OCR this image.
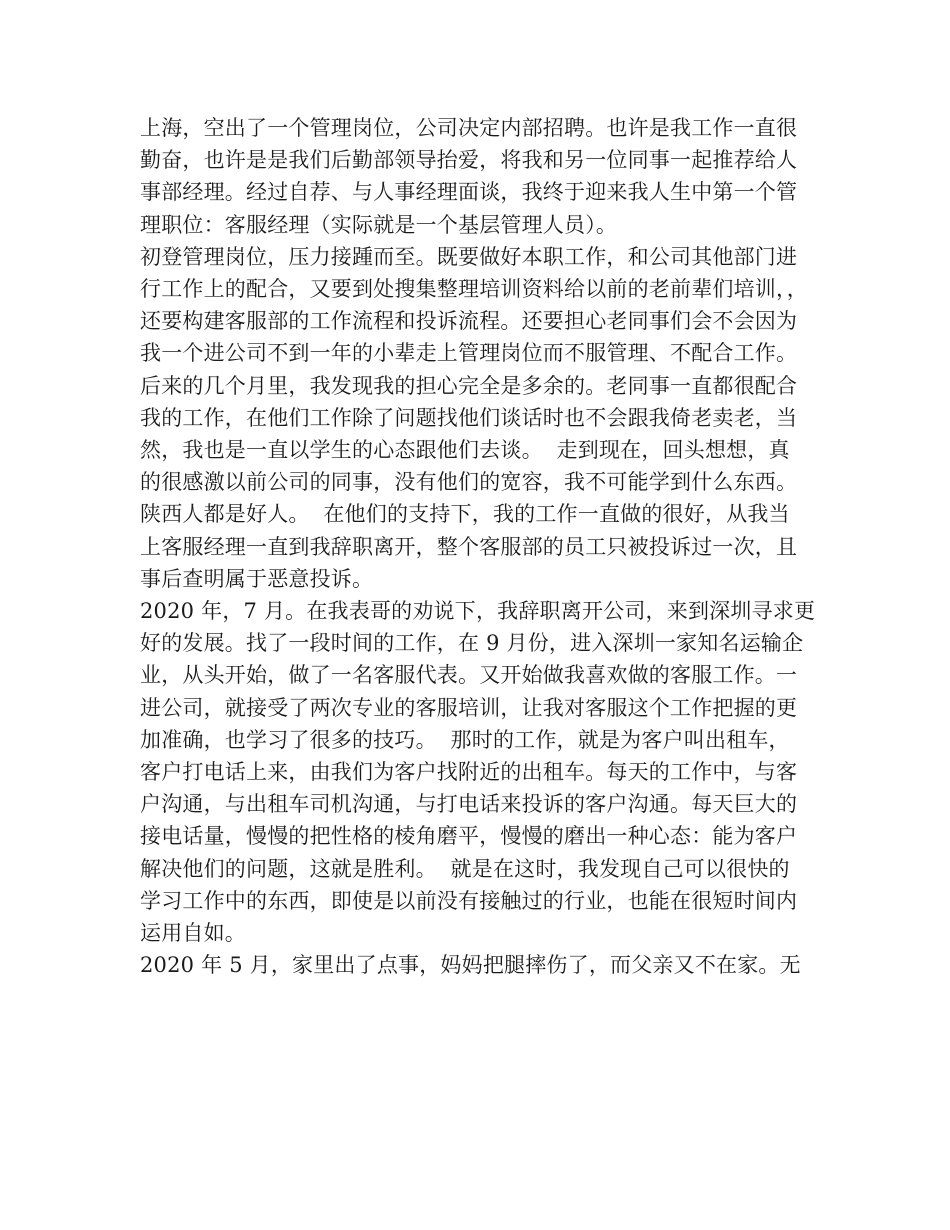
上海，空出了一个管理岗位，公司决定内部招聘。也许是我工作一直很
勤奋，也许是是我们后勤部领导抬爱，将我和另一位同事一起推荐给人
事部经理。经过自荐、与人事经理面谈，我终于迎来我人生中第一个管
理职位：客服经理（实际就是一个基层管理人员）。
初登管理岗位，压力接踵而至。既要做好本职工作，和公司其他部门进
行工作上的配合，又要到处搜集整理培训资料给以前的老前辈们培训，，
还要构建客服部的工作流程和投诉流程。还要担心老同事们会不会因为
我一个进公司不到一年的小辈走上管理岗位而不服管理、不配合工作。
后来的几个月里，我发现我的担心完全是多余的。老同事一直都很配合
我的工作，在他们工作除了问题找他们谈话时也不会跟我倚老卖老，当
然，我也是一直以学生的心态跟他们去谈。  走到现在，回头想想，真
的很感激以前公司的同事，没有他们的宽容，我不可能学到什么东西。
陕西人都是好人。  在他们的支持下，我的工作一直做的很好，从我当
上客服经理一直到我辞职离开，整个客服部的员工只被投诉过一次，且
事后查明属于恶意投诉。
2020 年，7 月。在我表哥的劝说下，我辞职离开公司，来到深圳寻求更
好的发展。找了一段时间的工作，在 9 月份，进入深圳一家知名运输企
业，从头开始，做了一名客服代表。又开始做我喜欢做的客服工作。一
进公司，就接受了两次专业的客服培训，让我对客服这个工作把握的更
加准确，也学习了很多的技巧。  那时的工作，就是为客户叫出租车，
客户打电话上来，由我们为客户找附近的出租车。每天的工作中，与客
户沟通，与出租车司机沟通，与打电话来投诉的客户沟通。每天巨大的
接电话量，慢慢的把性格的棱角磨平，慢慢的磨出一种心态：能为客户
解决他们的问题，这就是胜利。  就是在这时，我发现自己可以很快的
学习工作中的东西，即使是以前没有接触过的行业，也能在很短时间内
运用自如。
2020 年 5 月，家里出了点事，妈妈把腿摔伤了，而父亲又不在家。无
